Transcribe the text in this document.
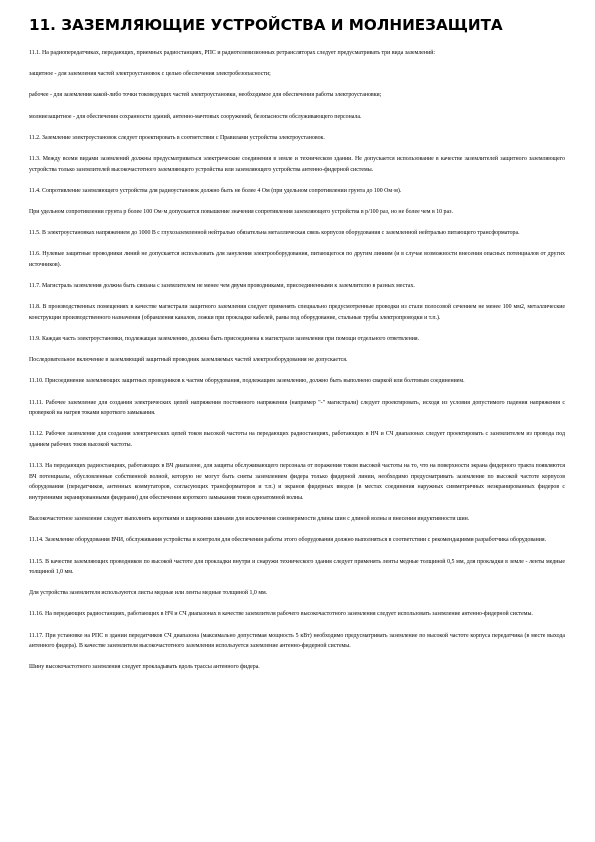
11. ЗАЗЕМЛЯЮЩИЕ УСТРОЙСТВА И МОЛНИЕЗАЩИТА

11.1. На радиопередатчиках, передающих, приемных радиостанциях, РПС и радиотелевизионных ретрансляторах следует предусматривать три вида заземлений:

защитное - для заземления частей электроустановок с целью обеспечения электробезопасности;

рабочее - для заземления какой-либо точки токоведущих частей электроустановки, необходимое для обеспечения работы электроустановки;

молниезащитное - для обеспечения сохранности зданий, антенно-мачтовых сооружений, безопасности обслуживающего персонала.

11.2. Заземление электроустановок следует проектировать в соответствии с Правилами устройства электроустановок.

11.3. Между всеми видами заземлений должны предусматриваться электрические соединения в земле и техническом здании. Не допускается использование в качестве заземлителей защитного заземляющего устройства только заземлителей высокочастотного заземляющего устройства или заземляющего устройства антенно-фидерной системы.

11.4. Сопротивление заземляющего устройства для радиоустановок должно быть не более 4 Ом (при удельном сопротивлении грунта до 100 Ом·м).

При удельном сопротивлении грунта р более 100 Ом·м допускается повышение значения сопротивления заземляющего устройства в р/100 раз, но не более чем в 10 раз.

11.5. В электроустановках напряжением до 1000 В с глухозаземленной нейтралью обязательна металлическая связь корпусов оборудования с заземленной нейтралью питающего трансформатора.

11.6. Нулевые защитные проводники линий не допускается использовать для зануления электрооборудования, питающегося по другим линиям (и в случае возможности внесения опасных потенциалов от других источников).

11.7. Магистраль заземления должна быть связана с заземлителем не менее чем двумя проводниками, присоединенными к заземлителю в разных местах.

11.8. В производственных помещениях в качестве магистрали защитного заземления следует применять специально предусмотренные проводки из стали полосовой сечением не менее 100 мм2, металлические конструкции производственного назначения (обрамления каналов, ложки при прокладке кабелей, рамы под оборудование, стальные трубы электропроводки и т.п.).

11.9. Каждая часть электроустановки, подлежащая заземлению, должна быть присоединена к магистрали заземления при помощи отдельного ответвления.

Последовательное включение в заземляющий защитный проводник заземляемых частей электрооборудования не допускается.

11.10. Присоединение заземляющих защитных проводников к частям оборудования, подлежащим заземлению, должно быть выполнено сваркой или болтовым соединением.

11.11. Рабочее заземление для создания электрических цепей напряжения постоянного напряжения (например "-" магистрали) следует проектировать, исходя из условия допустимого падения напряжения с проверкой на нагрев токами короткого замыкания.

11.12. Рабочее заземление для создания электрических цепей токов высокой частоты на передающих радиостанциях, работающих в НЧ и СЧ диапазонах следует проектировать с заземлителем из провода под зданием рабочих токов высокой частоты.

11.13. На передающих радиостанциях, работающих в ВЧ диапазоне, для защиты обслуживающего персонала от поражения током высокой частоты на то, что на поверхности экрана фидерного тракта появляются ВЧ потенциалы, обусловленные собственной волной, которую не могут быть сняты заземлением фидера только фидерной линии, необходимо предусматривать заземление по высокой частоте корпусов оборудования (передатчиков, антенных коммутаторов, согласующих трансформаторов и т.п.) и экранов фидерных вводов (в местах соединения наружных симметричных неэкранированных фидеров с внутренними экранированными фидерами) для обеспечения короткого замыкания токов одноатомной волны.

Высокочастотное заземление следует выполнять короткими и широкими шинами для исключения соизмеримости длины шин с длиной волны и внесения индуктивности шин.

11.14. Заземление оборудования ВЧИ, обслуживания устройства и контроля для обеспечения работы этого оборудования должно выполняться в соответствии с рекомендациями разработчика оборудования.

11.15. В качестве заземляющих проводников по высокой частоте для прокладки внутри и снаружи технического здания следует применять ленты медные толщиной 0,5 мм, для прокладки в земле - ленты медные толщиной 1,0 мм.

Для устройства заземлителя используются листы медные или ленты медные толщиной 1,0 мм.

11.16. На передающих радиостанциях, работающих в НЧ и СЧ диапазонах в качестве заземлителя рабочего высокочастотного заземления следует использовать заземление антенно-фидерной системы.

11.17. При установке на РПС в здании передатчиков СЧ диапазона (максимально допустимая мощность 5 кВт) необходимо предусматривать заземление по высокой частоте корпуса передатчика (в месте выхода антенного фидера). В качестве заземлителя высокочастотного заземления используется заземление антенно-фидерной системы.

Шину высокочастотного заземления следует прокладывать вдоль трассы антенного фидера.
